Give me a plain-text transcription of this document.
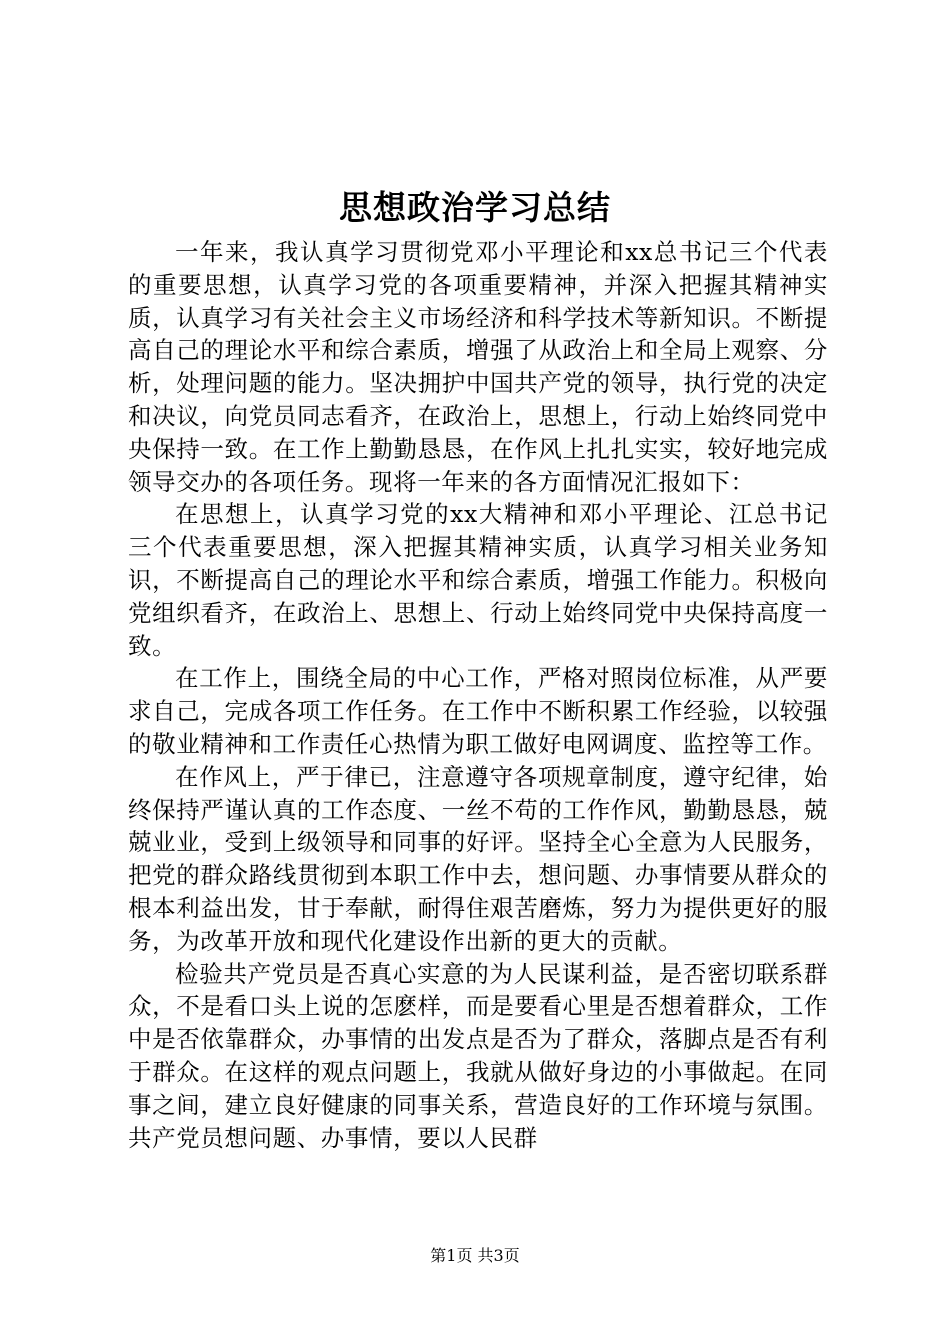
思想政治学习总结

一年来，我认真学习贯彻党邓小平理论和xx总书记三个代表的重要思想，认真学习党的各项重要精神，并深入把握其精神实质，认真学习有关社会主义市场经济和科学技术等新知识。不断提高自己的理论水平和综合素质，增强了从政治上和全局上观察、分析，处理问题的能力。坚决拥护中国共产党的领导，执行党的决定和决议，向党员同志看齐，在政治上，思想上，行动上始终同党中央保持一致。在工作上勤勤恳恳，在作风上扎扎实实，较好地完成领导交办的各项任务。现将一年来的各方面情况汇报如下：

在思想上，认真学习党的xx大精神和邓小平理论、江总书记三个代表重要思想，深入把握其精神实质，认真学习相关业务知识，不断提高自己的理论水平和综合素质，增强工作能力。积极向党组织看齐，在政治上、思想上、行动上始终同党中央保持高度一致。

在工作上，围绕全局的中心工作，严格对照岗位标准，从严要求自己，完成各项工作任务。在工作中不断积累工作经验，以较强的敬业精神和工作责任心热情为职工做好电网调度、监控等工作。

在作风上，严于律已，注意遵守各项规章制度，遵守纪律，始终保持严谨认真的工作态度、一丝不苟的工作作风，勤勤恳恳，兢兢业业，受到上级领导和同事的好评。坚持全心全意为人民服务，把党的群众路线贯彻到本职工作中去，想问题、办事情要从群众的根本利益出发，甘于奉献，耐得住艰苦磨炼，努力为提供更好的服务，为改革开放和现代化建设作出新的更大的贡献。

检验共产党员是否真心实意的为人民谋利益，是否密切联系群众，不是看口头上说的怎麽样，而是要看心里是否想着群众，工作中是否依靠群众，办事情的出发点是否为了群众，落脚点是否有利于群众。在这样的观点问题上，我就从做好身边的小事做起。在同事之间，建立良好健康的同事关系，营造良好的工作环境与氛围。共产党员想问题、办事情，要以人民群

第1页 共3页
